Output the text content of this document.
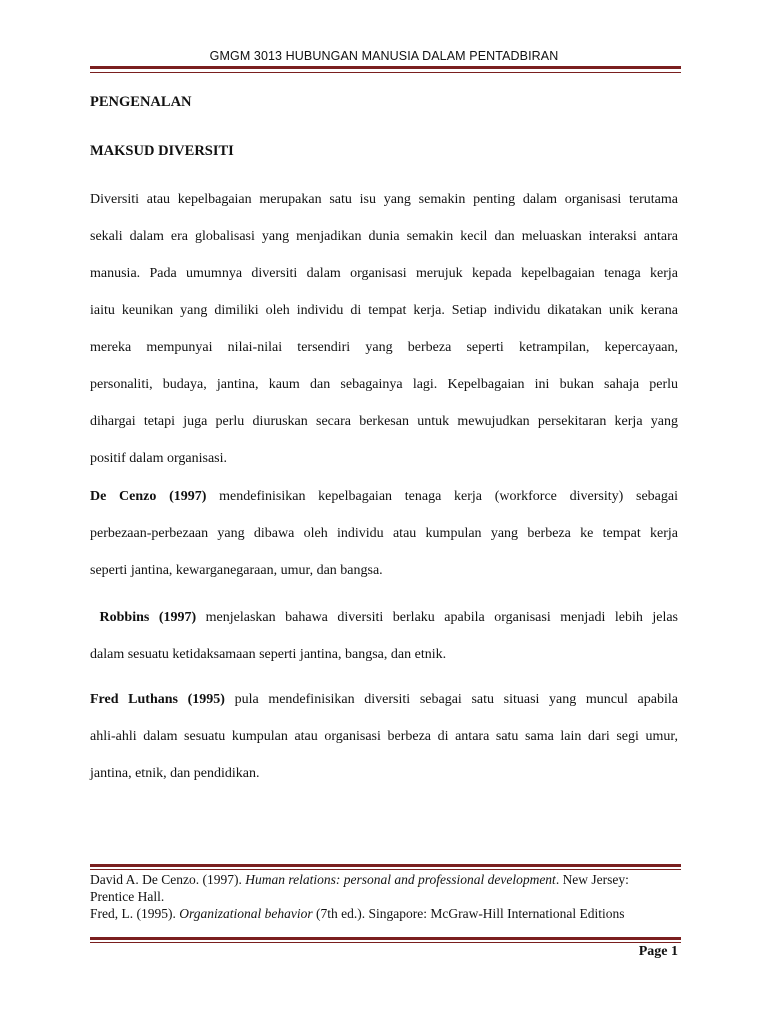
GMGM 3013 HUBUNGAN MANUSIA DALAM PENTADBIRAN
PENGENALAN
MAKSUD DIVERSITI
Diversiti atau kepelbagaian merupakan satu isu yang semakin penting dalam organisasi terutama
sekali dalam era globalisasi yang menjadikan dunia semakin kecil dan meluaskan interaksi antara
manusia. Pada umumnya diversiti dalam organisasi merujuk kepada kepelbagaian tenaga kerja
iaitu keunikan yang dimiliki oleh individu di tempat kerja. Setiap individu dikatakan unik kerana
mereka mempunyai nilai-nilai tersendiri yang berbeza seperti ketrampilan, kepercayaan,
personaliti, budaya, jantina, kaum dan sebagainya lagi. Kepelbagaian ini bukan sahaja perlu
dihargai tetapi juga perlu diuruskan secara berkesan untuk mewujudkan persekitaran kerja yang
positif dalam organisasi.
De Cenzo (1997) mendefinisikan kepelbagaian tenaga kerja (workforce diversity) sebagai
perbezaan-perbezaan yang dibawa oleh individu atau kumpulan yang berbeza ke tempat kerja
seperti jantina, kewarganegaraan, umur, dan bangsa.
Robbins (1997) menjelaskan bahawa diversiti berlaku apabila organisasi menjadi lebih jelas
dalam sesuatu ketidaksamaan seperti jantina, bangsa, dan etnik.
Fred Luthans (1995) pula mendefinisikan diversiti sebagai satu situasi yang muncul apabila
ahli-ahli dalam sesuatu kumpulan atau organisasi berbeza di antara satu sama lain dari segi umur,
jantina, etnik, dan pendidikan.
David A. De Cenzo. (1997). Human relations: personal and professional development. New Jersey: Prentice Hall.
Fred, L. (1995). Organizational behavior (7th ed.). Singapore: McGraw-Hill International Editions
Page 1
